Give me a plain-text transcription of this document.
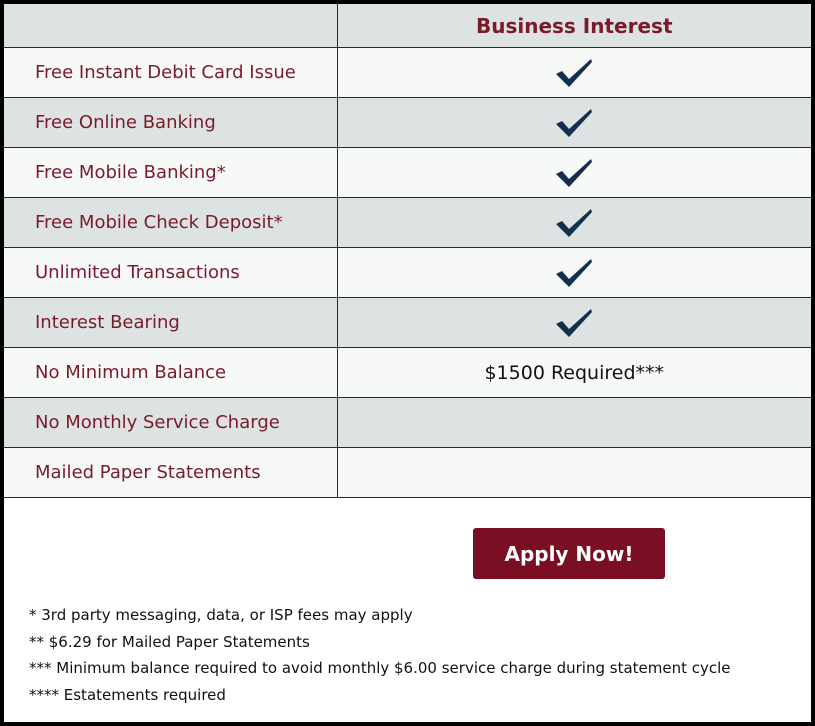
	Business Interest
Free Instant Debit Card Issue	
Free Online Banking	
Free Mobile Banking*	
Free Mobile Check Deposit*	
Unlimited Transactions	
Interest Bearing	
No Minimum Balance	$1500 Required***
No Monthly Service Charge	
Mailed Paper Statements	
Apply Now!
* 3rd party messaging, data, or ISP fees may apply
** $6.29 for Mailed Paper Statements
*** Minimum balance required to avoid monthly $6.00 service charge during statement cycle
**** Estatements required
